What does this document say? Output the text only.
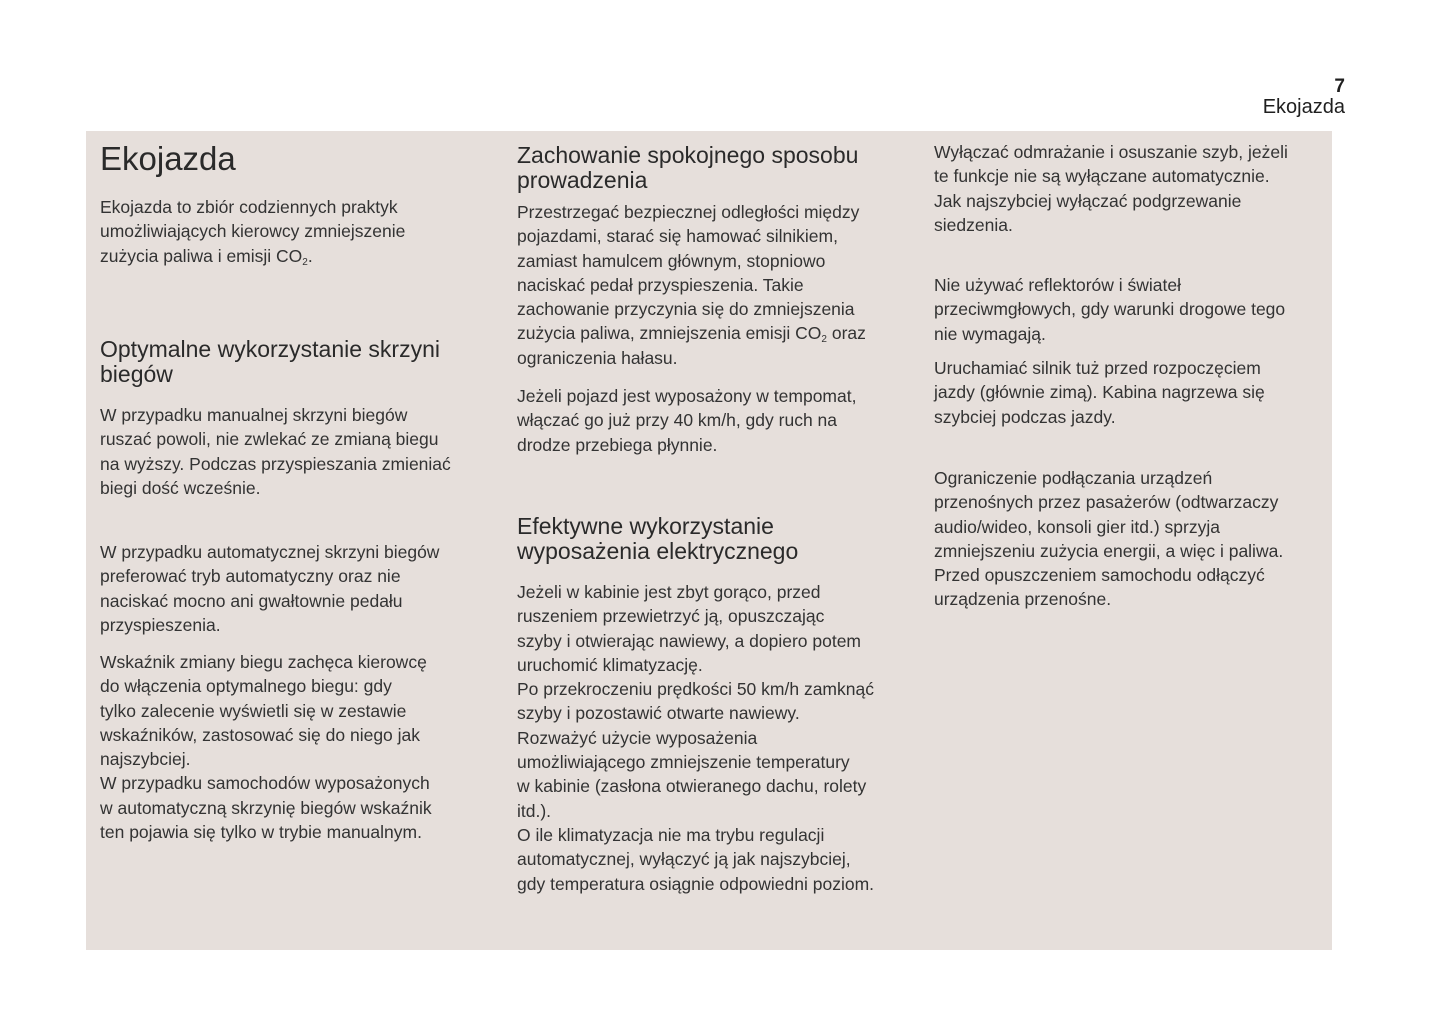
7
Ekojazda
Ekojazda

Ekojazda to zbiór codziennych praktyk
umożliwiających kierowcy zmniejszenie
zużycia paliwa i emisji $CO_2$.

Optymalne wykorzystanie skrzyni
biegów

W przypadku manualnej skrzyni biegów
ruszać powoli, nie zwlekać ze zmianą biegu
na wyższy. Podczas przyspieszania zmieniać
biegi dość wcześnie.

W przypadku automatycznej skrzyni biegów
preferować tryb automatyczny oraz nie
naciskać mocno ani gwałtownie pedału
przyspieszenia.

Wskaźnik zmiany biegu zachęca kierowcę
do włączenia optymalnego biegu: gdy
tylko zalecenie wyświetli się w zestawie
wskaźników, zastosować się do niego jak
najszybciej.
W przypadku samochodów wyposażonych
w automatyczną skrzynię biegów wskaźnik
ten pojawia się tylko w trybie manualnym.

Zachowanie spokojnego sposobu
prowadzenia

Przestrzegać bezpiecznej odległości między
pojazdami, starać się hamować silnikiem,
zamiast hamulcem głównym, stopniowo
naciskać pedał przyspieszenia. Takie
zachowanie przyczynia się do zmniejszenia
zużycia paliwa, zmniejszenia emisji $CO_2$ oraz
ograniczenia hałasu.

Jeżeli pojazd jest wyposażony w tempomat,
włączać go już przy 40 km/h, gdy ruch na
drodze przebiega płynnie.

Efektywne wykorzystanie
wyposażenia elektrycznego

Jeżeli w kabinie jest zbyt gorąco, przed
ruszeniem przewietrzyć ją, opuszczając
szyby i otwierając nawiewy, a dopiero potem
uruchomić klimatyzację.
Po przekroczeniu prędkości 50 km/h zamknąć
szyby i pozostawić otwarte nawiewy.
Rozważyć użycie wyposażenia
umożliwiającego zmniejszenie temperatury
w kabinie (zasłona otwieranego dachu, rolety
itd.).
O ile klimatyzacja nie ma trybu regulacji
automatycznej, wyłączyć ją jak najszybciej,
gdy temperatura osiągnie odpowiedni poziom.

Wyłączać odmrażanie i osuszanie szyb, jeżeli
te funkcje nie są wyłączane automatycznie.
Jak najszybciej wyłączać podgrzewanie
siedzenia.

Nie używać reflektorów i świateł
przeciwmgłowych, gdy warunki drogowe tego
nie wymagają.

Uruchamiać silnik tuż przed rozpoczęciem
jazdy (głównie zimą). Kabina nagrzewa się
szybciej podczas jazdy.

Ograniczenie podłączania urządzeń
przenośnych przez pasażerów (odtwarzaczy
audio/wideo, konsoli gier itd.) sprzyja
zmniejszeniu zużycia energii, a więc i paliwa.
Przed opuszczeniem samochodu odłączyć
urządzenia przenośne.
